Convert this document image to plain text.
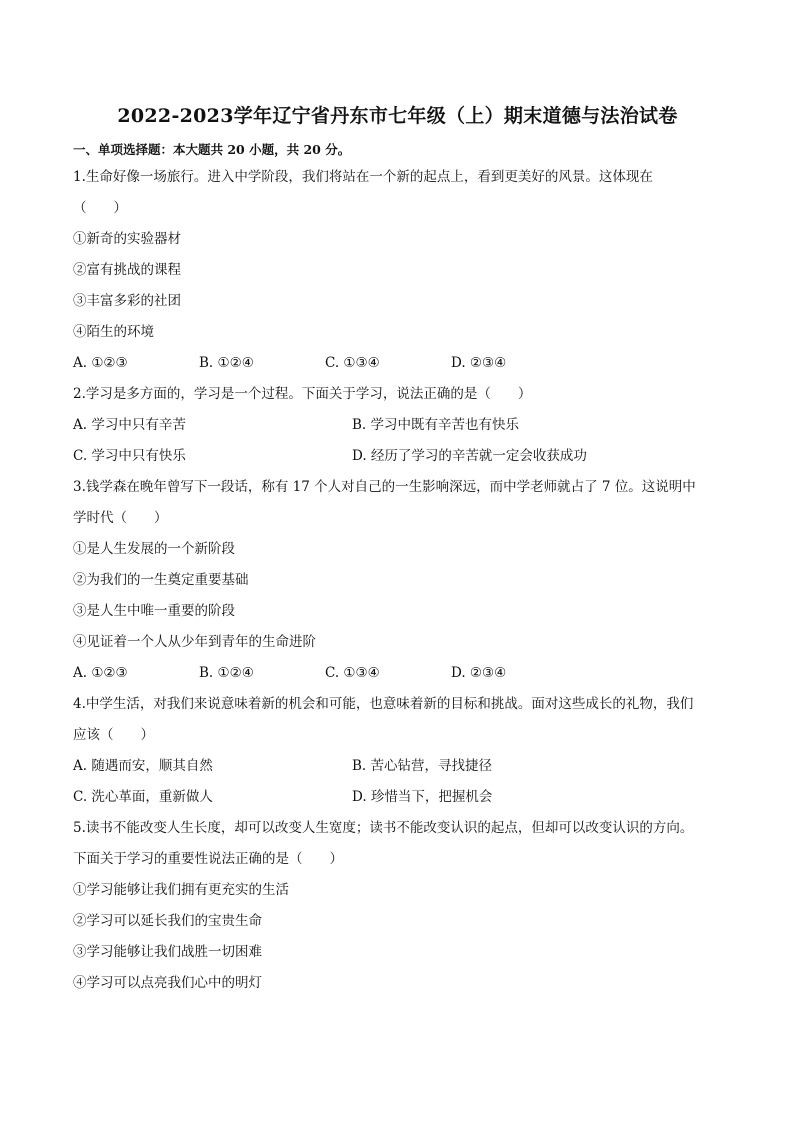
2022-2023学年辽宁省丹东市七年级（上）期末道德与法治试卷

一、单项选择题：本大题共 20 小题，共 20 分。

1.生命好像一场旅行。进入中学阶段，我们将站在一个新的起点上，看到更美好的风景。这体现在

（　　）

①新奇的实验器材

②富有挑战的课程

③丰富多彩的社团

④陌生的环境

A. ①②③	B. ①②④	C. ①③④	D. ②③④

2.学习是多方面的，学习是一个过程。下面关于学习，说法正确的是（　　）

A. 学习中只有辛苦	B. 学习中既有辛苦也有快乐
C. 学习中只有快乐	D. 经历了学习的辛苦就一定会收获成功

3.钱学森在晚年曾写下一段话，称有 17 个人对自己的一生影响深远，而中学老师就占了 7 位。这说明中

学时代（　　）

①是人生发展的一个新阶段

②为我们的一生奠定重要基础

③是人生中唯一重要的阶段

④见证着一个人从少年到青年的生命进阶

A. ①②③	B. ①②④	C. ①③④	D. ②③④

4.中学生活，对我们来说意味着新的机会和可能，也意味着新的目标和挑战。面对这些成长的礼物，我们

应该（　　）

A. 随遇而安，顺其自然	B. 苦心钻营，寻找捷径
C. 洗心革面，重新做人	D. 珍惜当下，把握机会

5.读书不能改变人生长度，却可以改变人生宽度；读书不能改变认识的起点，但却可以改变认识的方向。

下面关于学习的重要性说法正确的是（　　）

①学习能够让我们拥有更充实的生活

②学习可以延长我们的宝贵生命

③学习能够让我们战胜一切困难

④学习可以点亮我们心中的明灯
